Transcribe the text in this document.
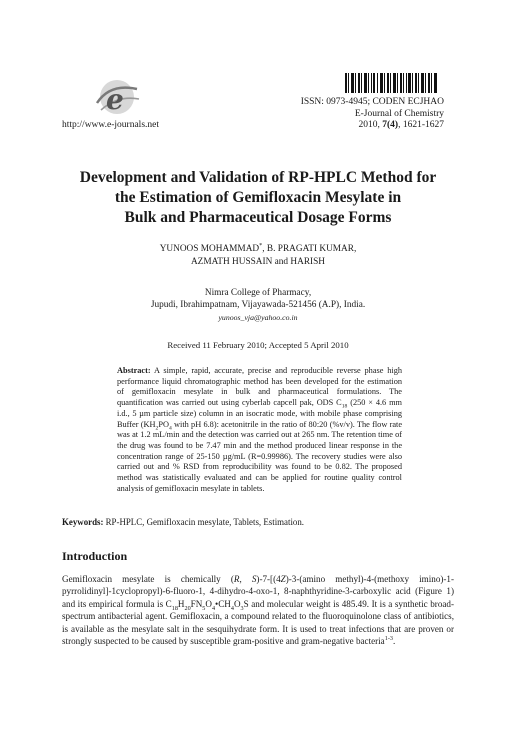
e
http://www.e-journals.net
ISSN: 0973-4945; CODEN ECJHAO
E-Journal of Chemistry
2010, 7(4), 1621-1627
Development and Validation of RP-HPLC Method for
the Estimation of Gemifloxacin Mesylate in
Bulk and Pharmaceutical Dosage Forms
YUNOOS MOHAMMAD*, B. PRAGATI KUMAR,
AZMATH HUSSAIN and HARISH
Nimra College of Pharmacy,
Jupudi, Ibrahimpatnam, Vijayawada-521456 (A.P), India.
yunoos_vja@yahoo.co.in
Received 11 February 2010; Accepted 5 April 2010

Abstract: A simple, rapid, accurate, precise and reproducible reverse phase high performance liquid chromatographic method has been developed for the estimation of gemifloxacin mesylate in bulk and pharmaceutical formulations. The quantification was carried out using cyberlab capcell pak, ODS $C_{18}$ (250 × 4.6 mm i.d., 5 µm particle size) column in an isocratic mode, with mobile phase comprising Buffer ($KH_2PO_4$ with pH 6.8): acetonitrile in the ratio of 80:20 (%v/v). The flow rate was at 1.2 mL/min and the detection was carried out at 265 nm. The retention time of the drug was found to be 7.47 min and the method produced linear response in the concentration range of 25-150 µg/mL (R=0.99986). The recovery studies were also carried out and % RSD from reproducibility was found to be 0.82. The proposed method was statistically evaluated and can be applied for routine quality control analysis of gemifloxacin mesylate in tablets.

Keywords: RP-HPLC, Gemifloxacin mesylate, Tablets, Estimation.
Introduction

Gemifloxacin mesylate is chemically (R, S)-7-[(4Z)-3-(amino methyl)-4-(methoxy imino)-1-pyrrolidinyl]-1cyclopropyl)-6-fluoro-1, 4-dihydro-4-oxo-1, 8-naphthyridine-3-carboxylic acid (Figure 1) and its empirical formula is $C_{18}H_{20}FN_5O_4•CH_4O_3S$ and molecular weight is 485.49. It is a synthetic broad-spectrum antibacterial agent. Gemifloxacin, a compound related to the fluoroquinolone class of antibiotics, is available as the mesylate salt in the sesquihydrate form. It is used to treat infections that are proven or strongly suspected to be caused by susceptible gram-positive and gram-negative bacteria$^{1-3}$.
